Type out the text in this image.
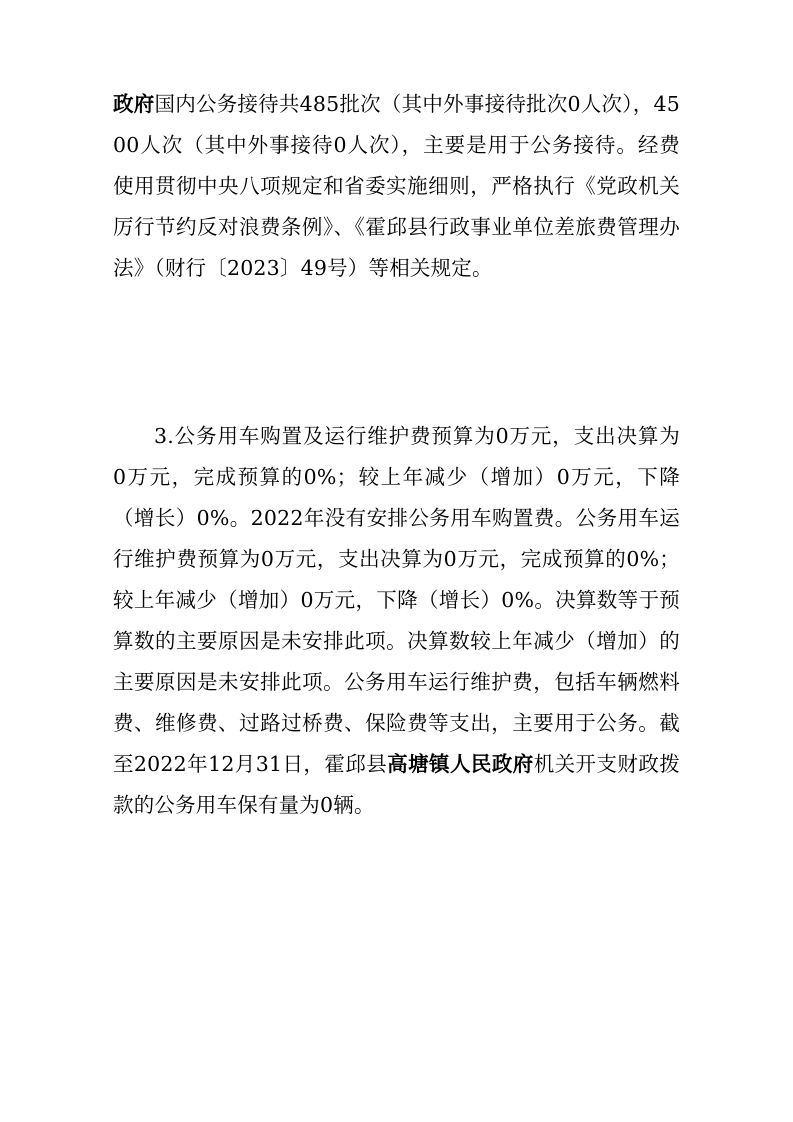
政府国内公务接待共485批次（其中外事接待批次0人次），4500人次（其中外事接待0人次），主要是用于公务接待。经费使用贯彻中央八项规定和省委实施细则，严格执行《党政机关厉行节约反对浪费条例》、《霍邱县行政事业单位差旅费管理办法》（财行〔2023〕49号）等相关规定。

3.公务用车购置及运行维护费预算为0万元，支出决算为 0万元，完成预算的0%；较上年减少（增加）0万元，下降（增长）0%。2022年没有安排公务用车购置费。公务用车运行维护费预算为0万元，支出决算为0万元，完成预算的0%；较上年减少（增加）0万元，下降（增长）0%。决算数等于预算数的主要原因是未安排此项。决算数较上年减少（增加）的主要原因是未安排此项。公务用车运行维护费，包括车辆燃料费、维修费、过路过桥费、保险费等支出，主要用于公务。截至2022年12月31日，霍邱县高塘镇人民政府机关开支财政拨款的公务用车保有量为0辆。
